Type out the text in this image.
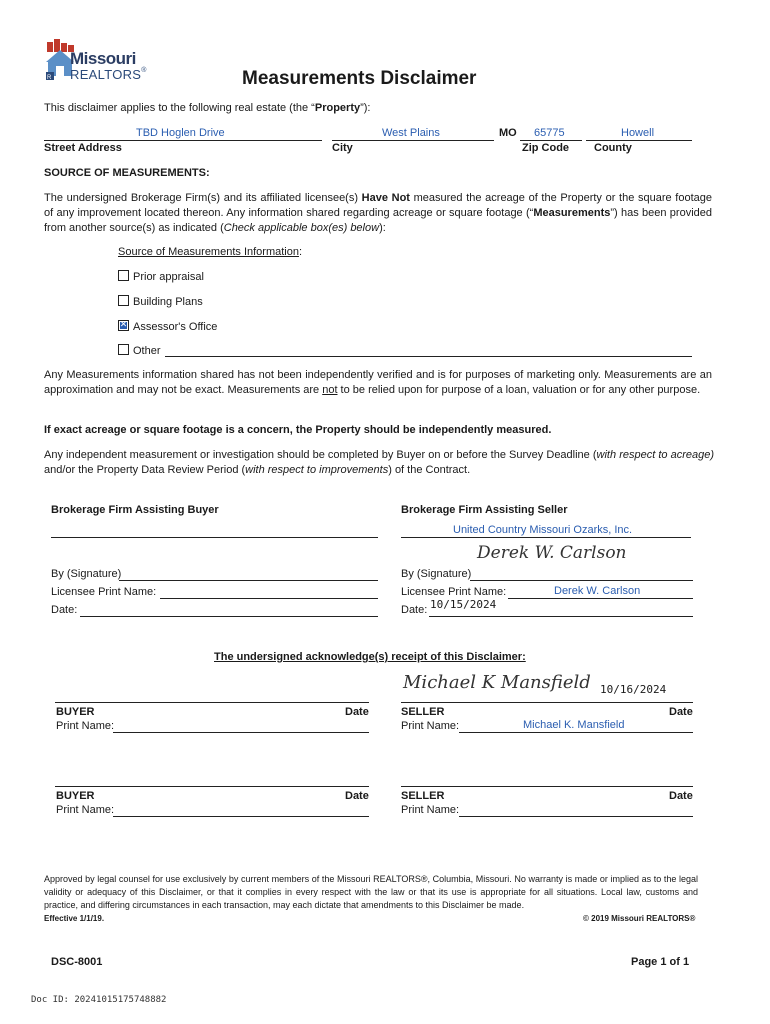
R
Missouri
REALTORS®	Measurements Disclaimer
This disclaimer applies to the following real estate (the “Property”):
TBD Hoglen Drive
Street Address
West Plains
City
MO 65775
Zip Code
Howell
County
SOURCE OF MEASUREMENTS:
The undersigned Brokerage Firm(s) and its affiliated licensee(s) Have Not measured the acreage of the Property or the square footage of any improvement located thereon. Any information shared regarding acreage or square footage (“Measurements”) has been provided from another source(s) as indicated (Check applicable box(es) below):
Source of Measurements Information:
Prior appraisal
Building Plans
✕Assessor's Office
Other
Any Measurements information shared has not been independently verified and is for purposes of marketing only. Measurements are an approximation and may not be exact. Measurements are not to be relied upon for purpose of a loan, valuation or for any other purpose.
If exact acreage or square footage is a concern, the Property should be independently measured.
Any independent measurement or investigation should be completed by Buyer on or before the Survey Deadline (with respect to acreage) and/or the Property Data Review Period (with respect to improvements) of the Contract.
Brokerage Firm Assisting Buyer	Brokerage Firm Assisting Seller
United Country Missouri Ozarks, Inc.
Derek W. Carlson
By (Signature)	By (Signature)
Licensee Print Name:	Licensee Print Name:	Derek W. Carlson
Date:	Date: 10/15/2024
The undersigned acknowledge(s) receipt of this Disclaimer:
Michael K Mansfield 10/16/2024
BUYER	Date
Print Name:
SELLER	Date
Print Name:	Michael K. Mansfield
BUYER	Date
Print Name:
SELLER	Date
Print Name:
Approved by legal counsel for use exclusively by current members of the Missouri REALTORS®, Columbia, Missouri. No warranty is made or implied as to the legal validity or adequacy of this Disclaimer, or that it complies in every respect with the law or that its use is appropriate for all situations. Local law, customs and practice, and differing circumstances in each transaction, may each dictate that amendments to this Disclaimer be made.
Effective 1/1/19.	© 2019 Missouri REALTORS®
DSC-8001	Page 1 of 1
Doc ID: 20241015175748882
